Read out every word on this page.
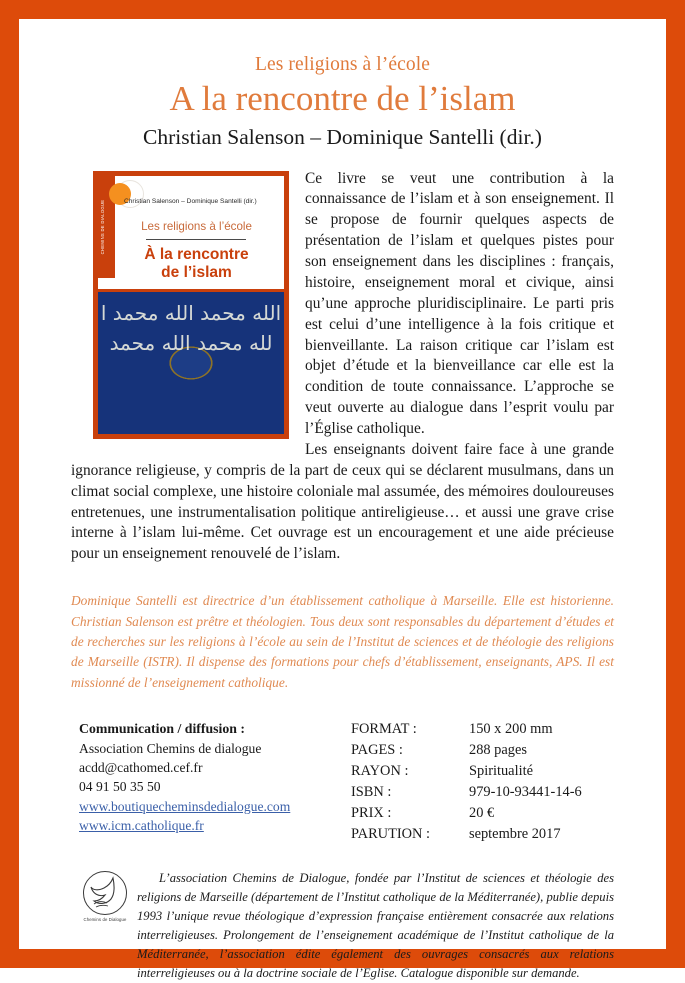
Les religions à l’école
A la rencontre de l’islam
Christian Salenson – Dominique Santelli (dir.)
CHEMINS DE DIALOGUE	Christian Salenson – Dominique Santelli (dir.)
Les religions à l’école
À la rencontre
de l’islam
الله محمد الله محمد الله محمد الله محمد

Ce livre se veut une contribution à la connaissance de l’islam et à son enseignement. Il se propose de fournir quelques aspects de présentation de l’islam et quelques pistes pour son enseignement dans les disciplines : français, histoire, enseignement moral et civique, ainsi qu’une approche pluridisciplinaire. Le parti pris est celui d’une intelligence à la fois critique et bienveillante. La raison critique car l’islam est objet d’étude et la bienveillance car elle est la condition de toute connaissance. L’approche se veut ouverte au dialogue dans l’esprit voulu par l’Église catholique.

Les enseignants doivent faire face à une grande ignorance religieuse, y compris de la part de ceux qui se déclarent musulmans, dans un climat social complexe, une histoire coloniale mal assumée, des mémoires douloureuses entretenues, une instrumentalisation politique antireligieuse… et aussi une grave crise interne à l’islam lui-même. Cet ouvrage est un encouragement et une aide précieuse pour un enseignement renouvelé de l’islam.

Dominique Santelli est directrice d’un établissement catholique à Marseille. Elle est historienne. Christian Salenson est prêtre et théologien. Tous deux sont responsables du département d’études et de recherches sur les religions à l’école au sein de l’Institut de sciences et de théologie des religions de Marseille (ISTR). Il dispense des formations pour chefs d’établissement, enseignants, APS. Il est missionné de l’enseignement catholique.
Communication / diffusion :
Association Chemins de dialogue
acdd@cathomed.cef.fr
04 91 50 35 50
www.boutiquecheminsdedialogue.com
www.icm.catholique.fr
FORMAT :	150 x 200 mm
PAGES :	288 pages
RAYON :	Spiritualité
ISBN :	979-10-93441-14-6
PRIX :	20 €
PARUTION :	septembre 2017
Chemins de Dialogue
L’association Chemins de Dialogue, fondée par l’Institut de sciences et théologie des religions de Marseille (département de l’Institut catholique de la Méditerranée), publie depuis 1993 l’unique revue théologique d’expression française entièrement consacrée aux relations interreligieuses. Prolongement de l’enseignement académique de l’Institut catholique de la Méditerranée, l’association édite également des ouvrages consacrés aux relations interreligieuses ou à la doctrine sociale de l’Eglise. Catalogue disponible sur demande.
